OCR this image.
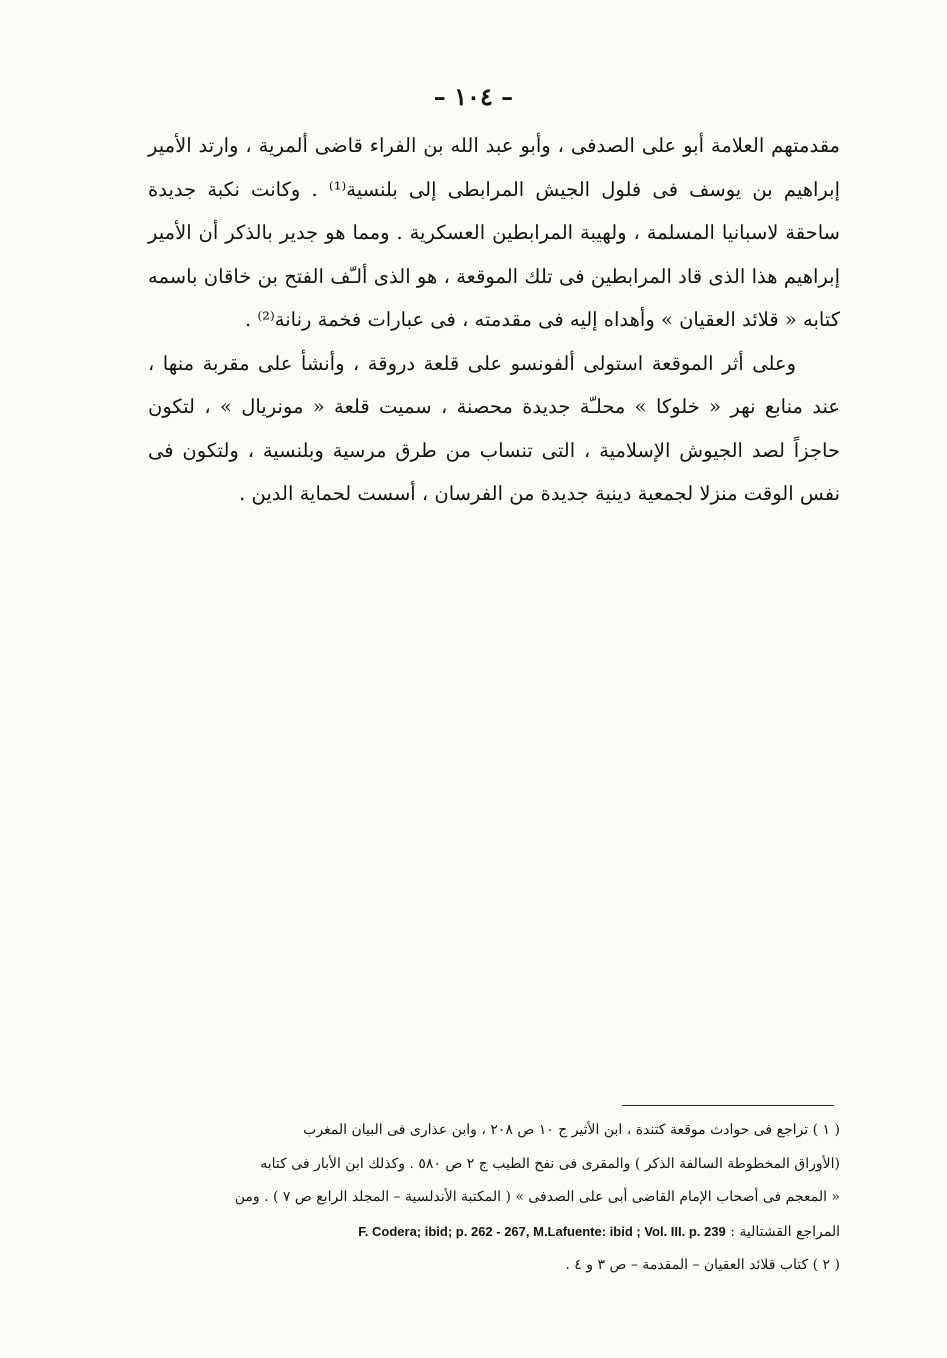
– ١٠٤ –

مقدمتهم العلامة أبو على الصدفى ، وأبو عبد الله بن الفراء قاضى ألمرية ، وارتد الأمير إبراهيم بن يوسف فى فلول الجيش المرابطى إلى بلنسية⁽¹⁾ . وكانت نكبة جديدة ساحقة لاسبانيا المسلمة ، ولهيبة المرابطين العسكرية . ومما هو جدير بالذكر أن الأمير إبراهيم هذا الذى قاد المرابطين فى تلك الموقعة ، هو الذى ألـّف الفتح بن خاقان باسمه كتابه « قلائد العقيان » وأهداه إليه فى مقدمته ، فى عبارات فخمة رنانة⁽²⁾ .

وعلى أثر الموقعة استولى ألفونسو على قلعة دروقة ، وأنشأ على مقربة منها ، عند منابع نهر « خلوكا » محلـّة جديدة محصنة ، سميت قلعة « مونريال » ، لتكون حاجزاً لصد الجيوش الإسلامية ، التى تنساب من طرق مرسية وبلنسية ، ولتكون فى نفس الوقت منزلا لجمعية دينية جديدة من الفرسان ، أسست لحماية الدين .

( ١ ) تراجع فى حوادث موقعة كتندة ، ابن الأثير ج ١٠ ص ٢٠٨ ، وابن عذارى فى البيان المغرب

(الأوراق المخطوطة السالفة الذكر ) والمقرى فى نفح الطيب ج ٢ ص ٥٨٠ . وكذلك ابن الأبار فى كتابه

« المعجم فى أصحاب الإمام القاضى أبى على الصدفى » ( المكتبة الأندلسية – المجلد الرابع ص ٧ ) . ومن

المراجع القشتالية : F. Codera; ibid; p. 262 - 267, M.Lafuente: ibid ; Vol. III. p. 239

( ٢ ) كتاب قلائد العقيان – المقدمة – ص ٣ و ٤ .
